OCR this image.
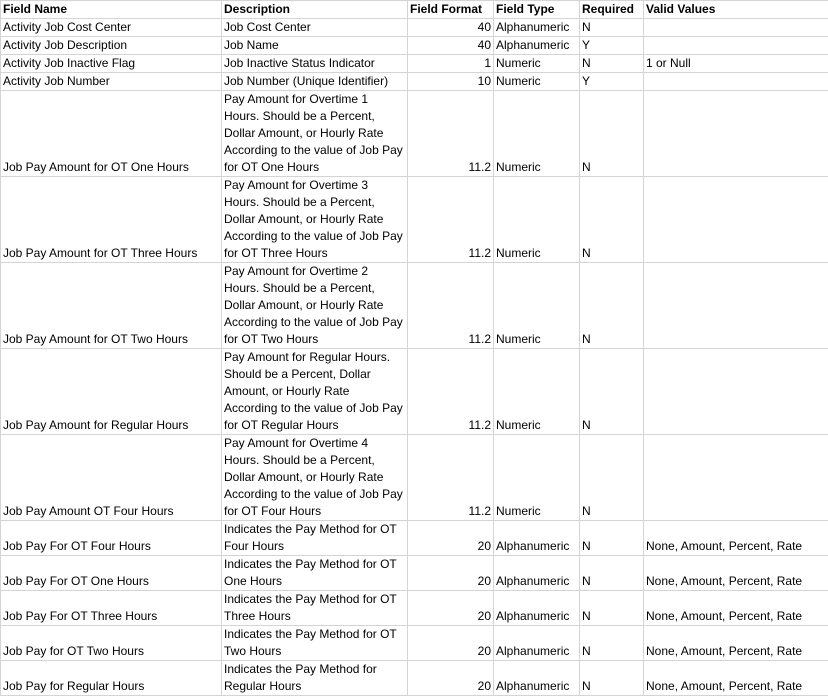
Field Name	Description	Field Format	Field Type	Required	Valid Values
Activity Job Cost Center	Job Cost Center	40	Alphanumeric	N	
Activity Job Description	Job Name	40	Alphanumeric	Y	
Activity Job Inactive Flag	Job Inactive Status Indicator	1	Numeric	N	1 or Null
Activity Job Number	Job Number (Unique Identifier)	10	Numeric	Y	
Job Pay Amount for OT One Hours	Pay Amount for Overtime 1 Hours. Should be a Percent, Dollar Amount, or Hourly Rate According to the value of Job Pay for OT One Hours	11.2	Numeric	N	
Job Pay Amount for OT Three Hours	Pay Amount for Overtime 3 Hours. Should be a Percent, Dollar Amount, or Hourly Rate According to the value of Job Pay for OT Three Hours	11.2	Numeric	N	
Job Pay Amount for OT Two Hours	Pay Amount for Overtime 2 Hours. Should be a Percent, Dollar Amount, or Hourly Rate According to the value of Job Pay for OT Two Hours	11.2	Numeric	N	
Job Pay Amount for Regular Hours	Pay Amount for Regular Hours. Should be a Percent, Dollar Amount, or Hourly Rate According to the value of Job Pay for OT Regular Hours	11.2	Numeric	N	
Job Pay Amount OT Four Hours	Pay Amount for Overtime 4 Hours. Should be a Percent, Dollar Amount, or Hourly Rate According to the value of Job Pay for OT Four Hours	11.2	Numeric	N	
Job Pay For OT Four Hours	Indicates the Pay Method for OT Four Hours	20	Alphanumeric	N	None, Amount, Percent, Rate
Job Pay For OT One Hours	Indicates the Pay Method for OT One Hours	20	Alphanumeric	N	None, Amount, Percent, Rate
Job Pay For OT Three Hours	Indicates the Pay Method for OT Three Hours	20	Alphanumeric	N	None, Amount, Percent, Rate
Job Pay for OT Two Hours	Indicates the Pay Method for OT Two Hours	20	Alphanumeric	N	None, Amount, Percent, Rate
Job Pay for Regular Hours	Indicates the Pay Method for Regular Hours	20	Alphanumeric	N	None, Amount, Percent, Rate
